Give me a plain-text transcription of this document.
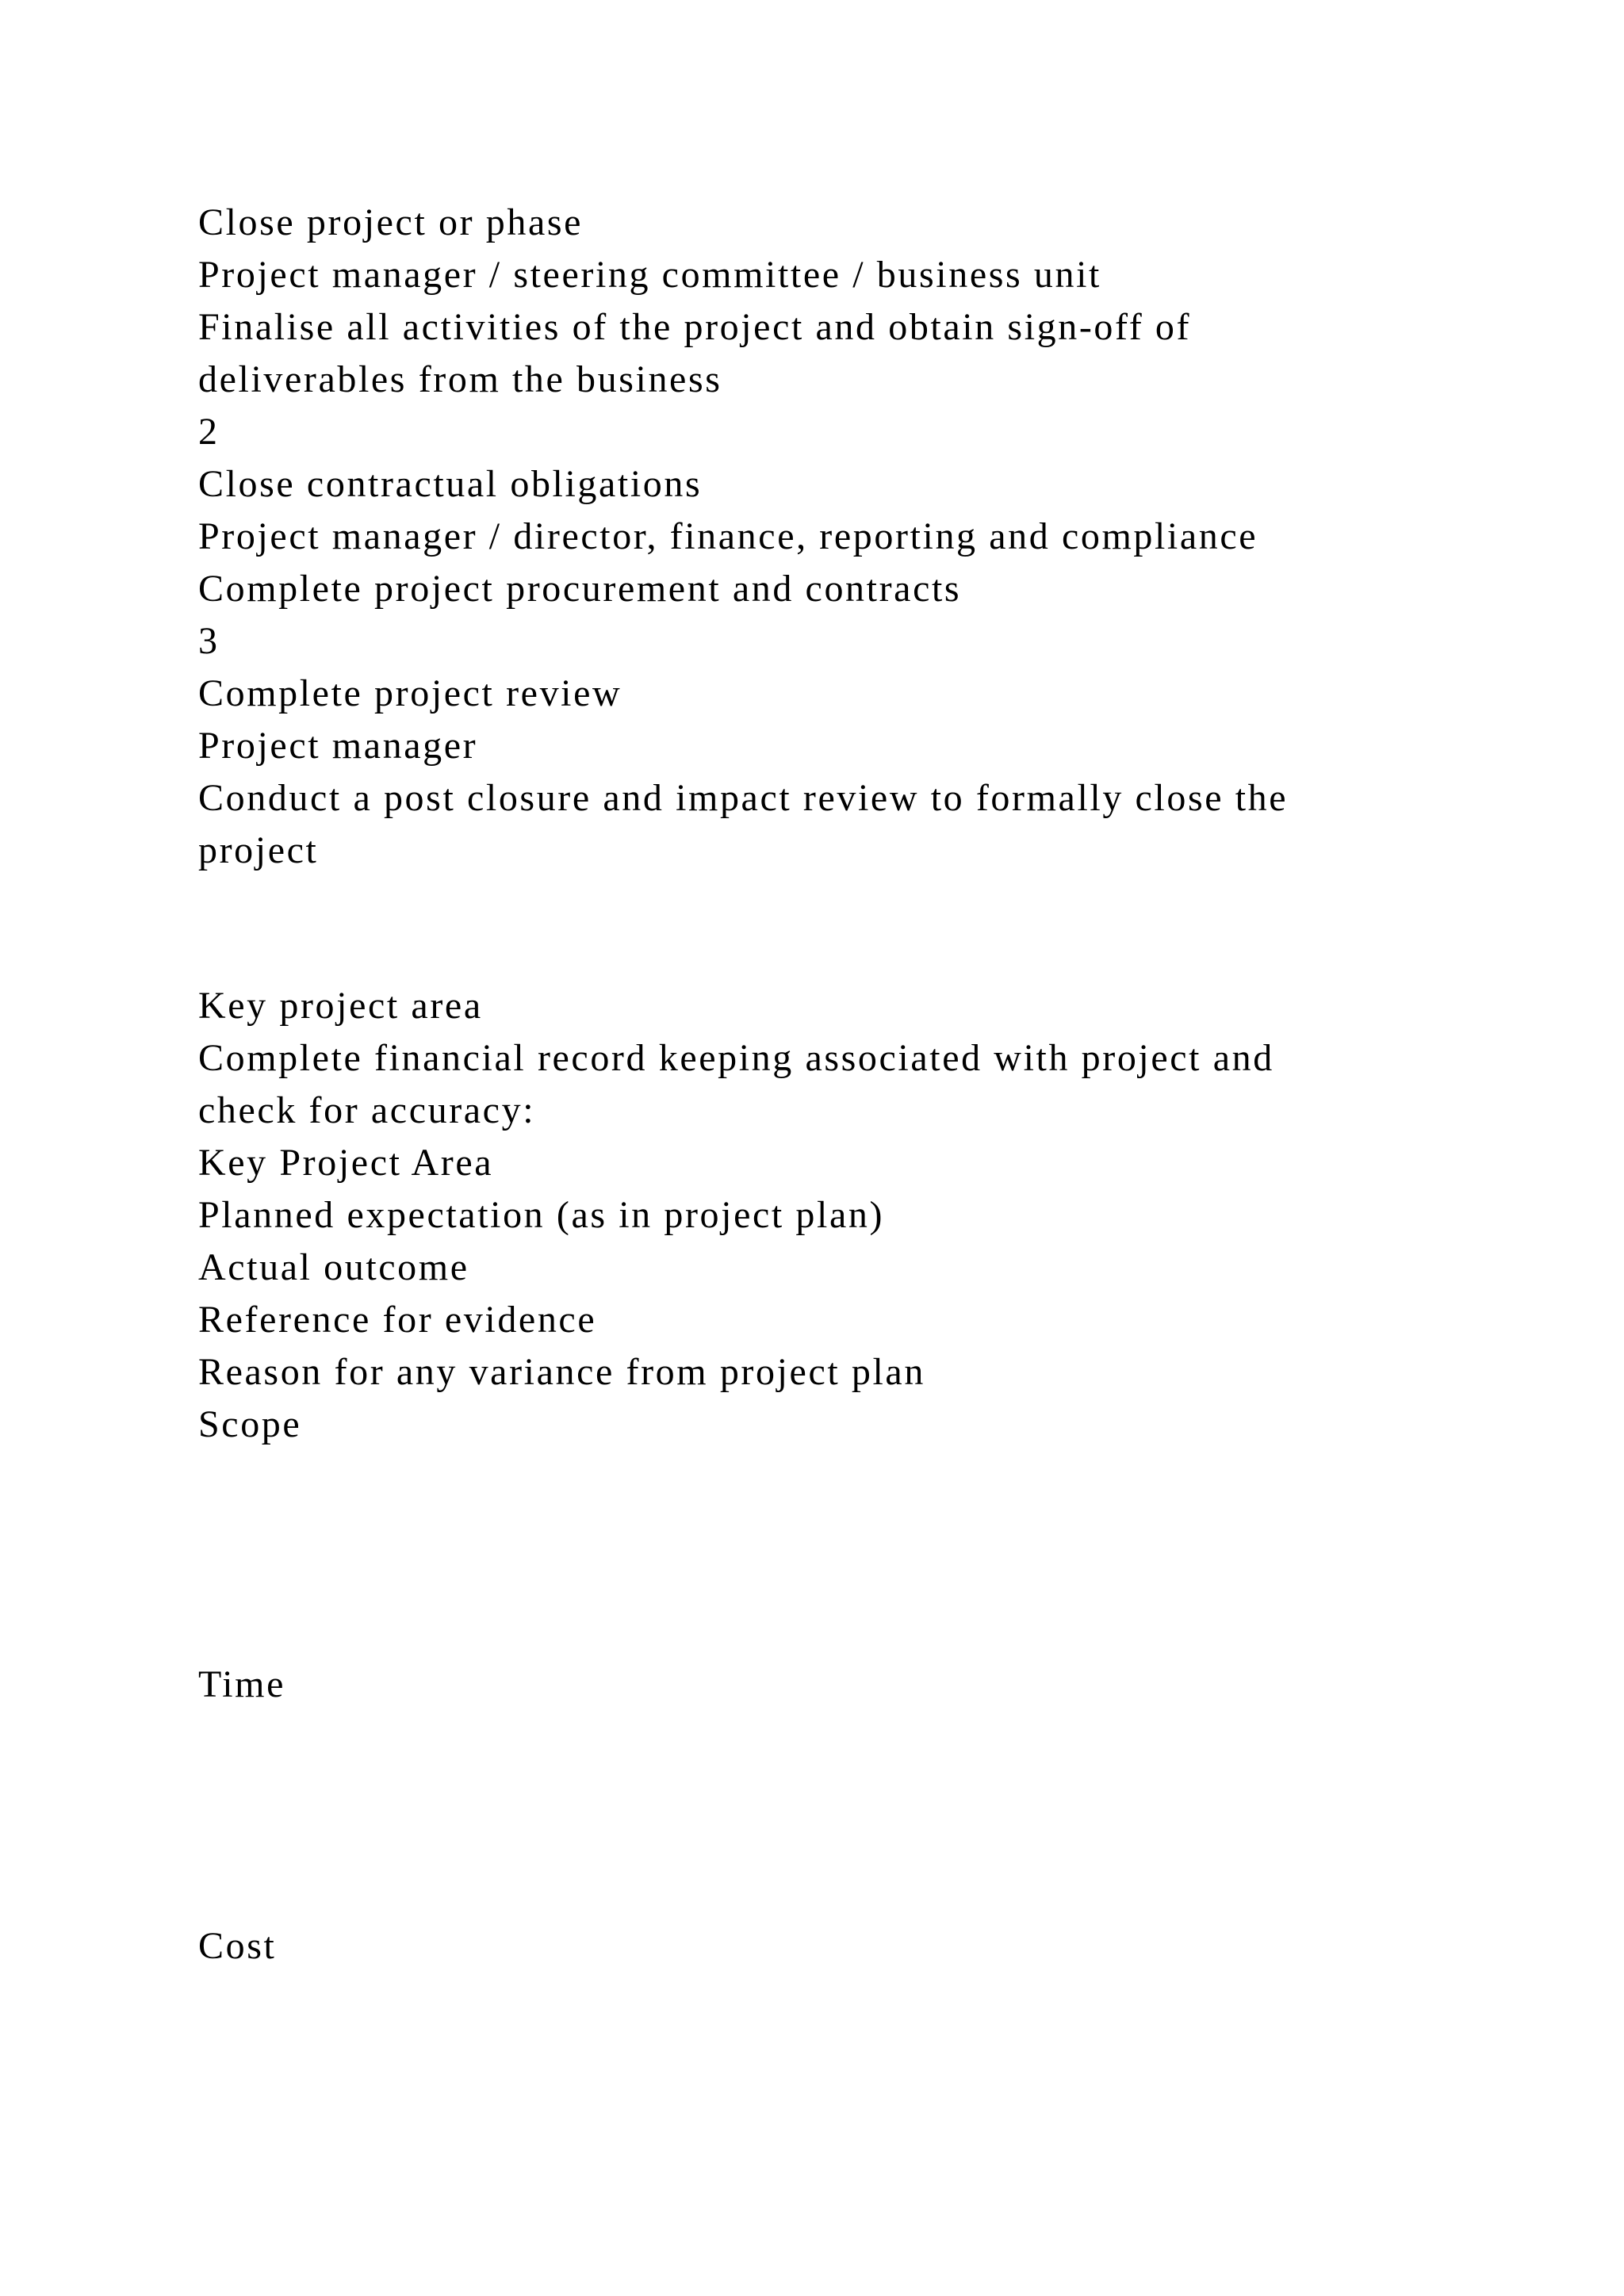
Close project or phase
Project manager / steering committee / business unit
Finalise all activities of the project and obtain sign-off of
deliverables from the business
2
Close contractual obligations
Project manager / director, finance, reporting and compliance
Complete project procurement and contracts
3
Complete project review
Project manager
Conduct a post closure and impact review to formally close the
project
Key project area
Complete financial record keeping associated with project and
check for accuracy:
Key Project Area
Planned expectation (as in project plan)
Actual outcome
Reference for evidence
Reason for any variance from project plan
Scope
Time
Cost
